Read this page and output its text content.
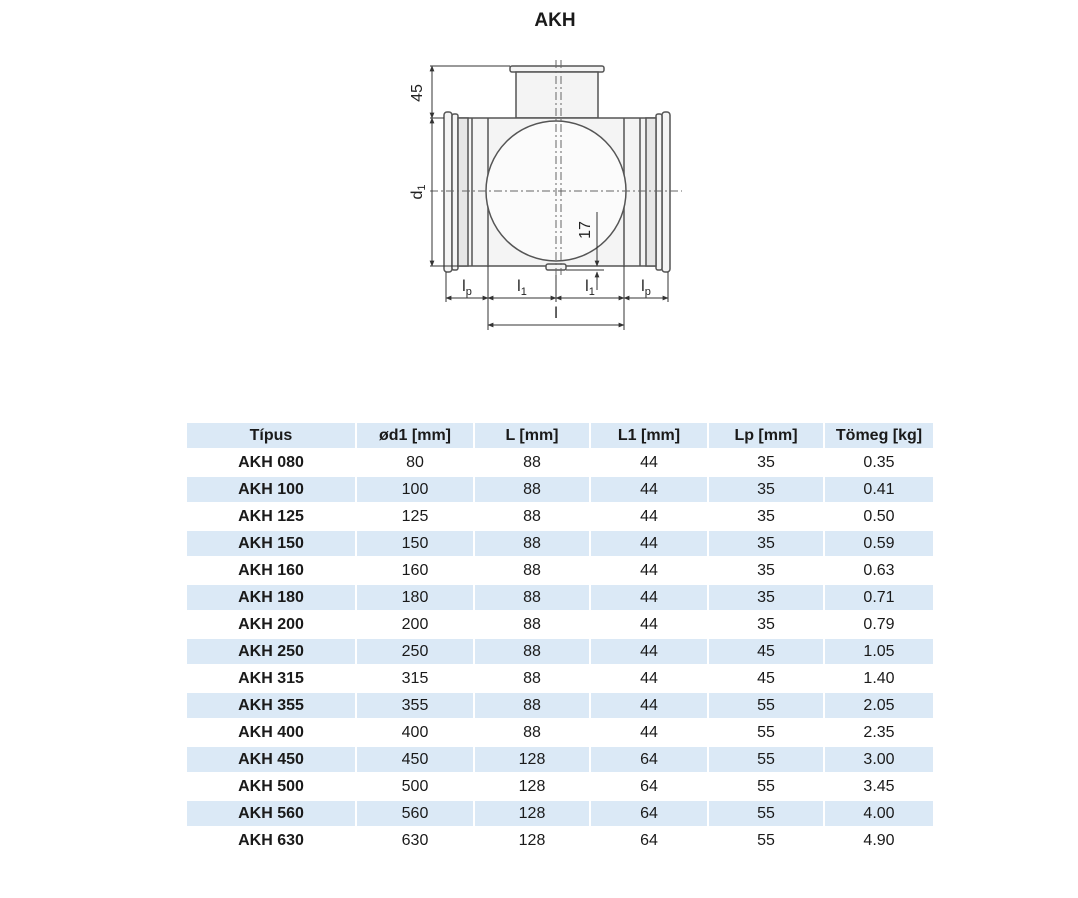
AKH
45
d1
17
$l_p$	$l_1$	$l_1$	$l_p$
l
Típus	ød1 [mm]	L [mm]	L1 [mm]	Lp [mm]	Tömeg [kg]
AKH 080	80	88	44	35	0.35
AKH 100	100	88	44	35	0.41
AKH 125	125	88	44	35	0.50
AKH 150	150	88	44	35	0.59
AKH 160	160	88	44	35	0.63
AKH 180	180	88	44	35	0.71
AKH 200	200	88	44	35	0.79
AKH 250	250	88	44	45	1.05
AKH 315	315	88	44	45	1.40
AKH 355	355	88	44	55	2.05
AKH 400	400	88	44	55	2.35
AKH 450	450	128	64	55	3.00
AKH 500	500	128	64	55	3.45
AKH 560	560	128	64	55	4.00
AKH 630	630	128	64	55	4.90
